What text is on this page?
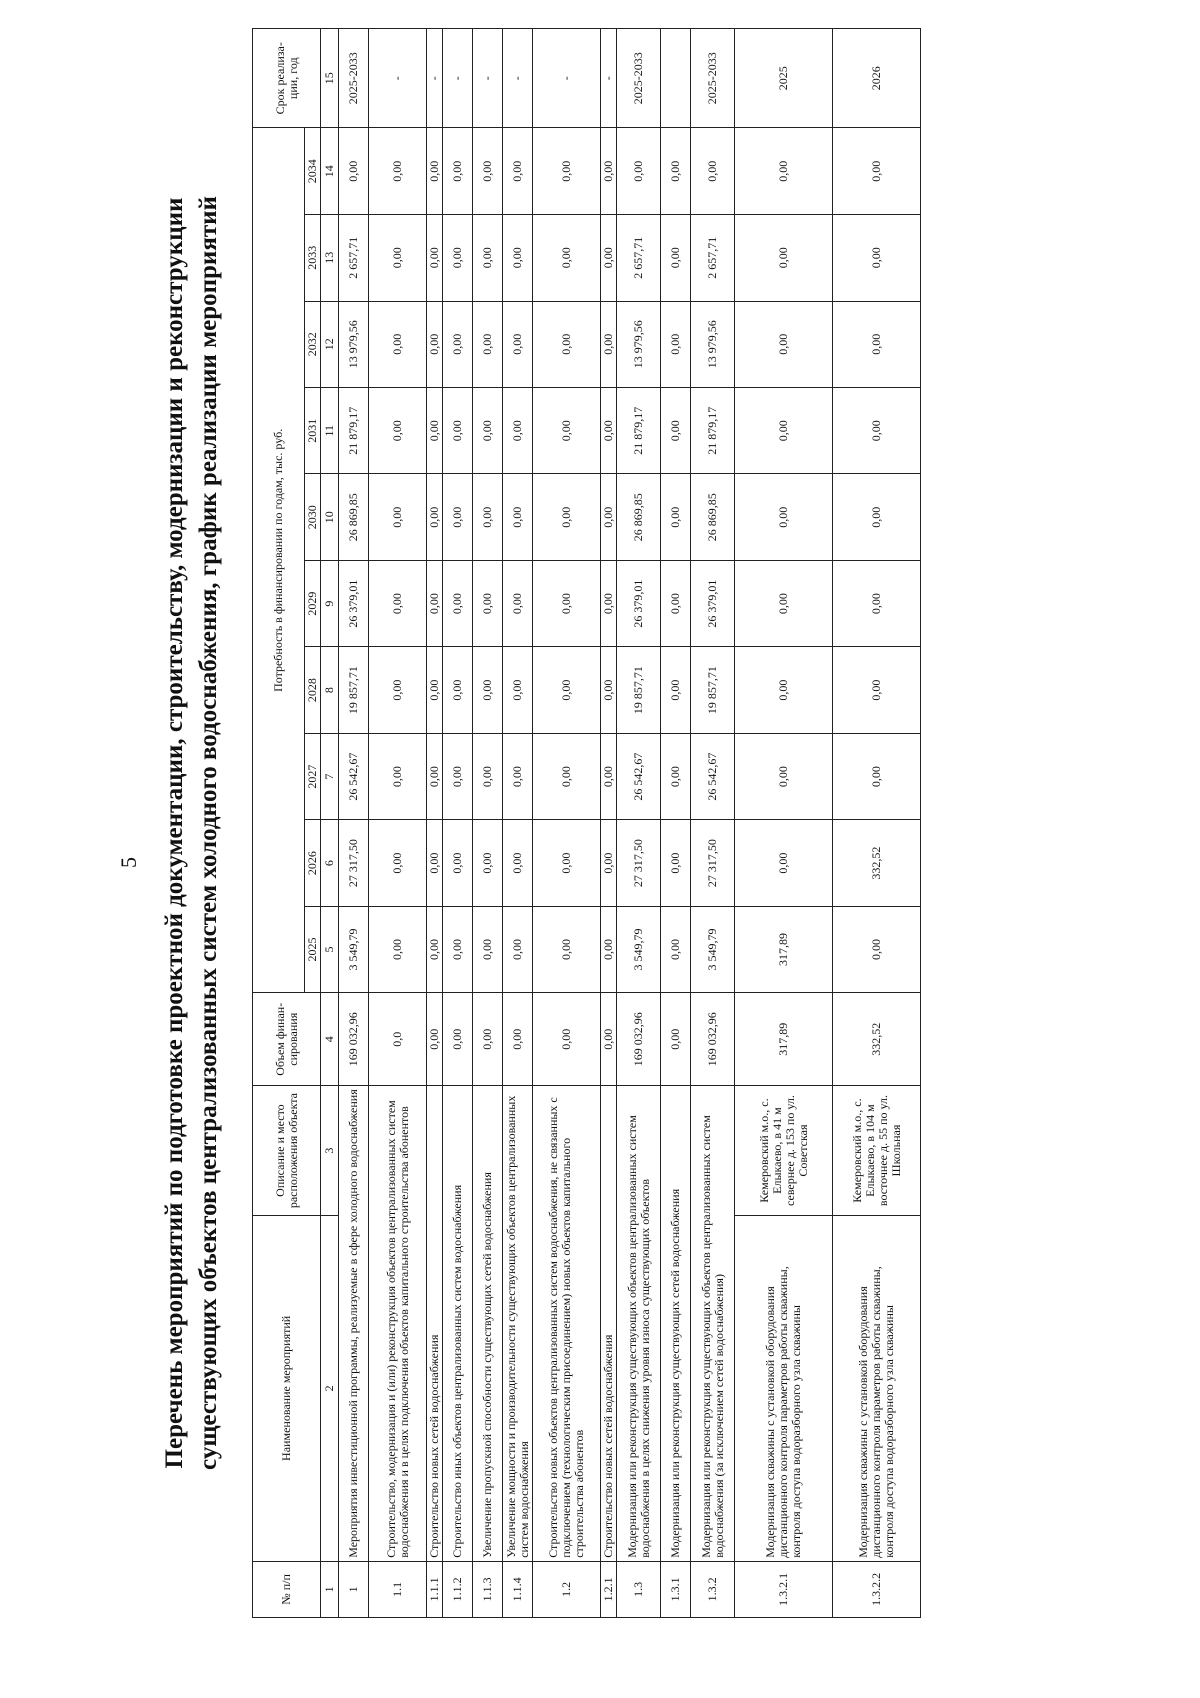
5 Перечень мероприятий по подготовке проектной документации, строительству, модернизации и реконструкции существующих объектов централизованных систем холодного водоснабжения, график реализации мероприятий
№ п/п	Наименование мероприятий	Описание и место расположения объекта	Объем финан-сирования	Потребность в финансировании по годам, тыс. руб.										Срок реализа-ции, год
				2025	2026	2027	2028	2029	2030	2031	2032	2033	2034	
1	2	3	4	5	6	7	8	9	10	11	12	13	14	15
1	Мероприятия инвестиционной программы, реализуемые в сфере холодного водоснабжения		169 032,96	3 549,79	27 317,50	26 542,67	19 857,71	26 379,01	26 869,85	21 879,17	13 979,56	2 657,71	0,00	2025-2033
1.1	Строительство, модернизация и (или) реконструкция объектов централизованных систем водоснабжения и в целях подключения объектов капитального строительства абонентов		0,0	0,00	0,00	0,00	0,00	0,00	0,00	0,00	0,00	0,00	0,00	-
1.1.1	Строительство новых сетей водоснабжения		0,00	0,00	0,00	0,00	0,00	0,00	0,00	0,00	0,00	0,00	0,00	-
1.1.2	Строительство иных объектов централизованных систем водоснабжения		0,00	0,00	0,00	0,00	0,00	0,00	0,00	0,00	0,00	0,00	0,00	-
1.1.3	Увеличение пропускной способности существующих сетей водоснабжения		0,00	0,00	0,00	0,00	0,00	0,00	0,00	0,00	0,00	0,00	0,00	-
1.1.4	Увеличение мощности и производительности существующих объектов централизованных систем водоснабжения		0,00	0,00	0,00	0,00	0,00	0,00	0,00	0,00	0,00	0,00	0,00	-
1.2	Строительство новых объектов централизованных систем водоснабжения, не связанных с подключением (технологическим присоединением) новых объектов капитального строительства абонентов		0,00	0,00	0,00	0,00	0,00	0,00	0,00	0,00	0,00	0,00	0,00	-
1.2.1	Строительство новых сетей водоснабжения		0,00	0,00	0,00	0,00	0,00	0,00	0,00	0,00	0,00	0,00	0,00	-
1.3	Модернизация или реконструкция существующих объектов централизованных систем водоснабжения в целях снижения уровня износа существующих объектов		169 032,96	3 549,79	27 317,50	26 542,67	19 857,71	26 379,01	26 869,85	21 879,17	13 979,56	2 657,71	0,00	2025-2033
1.3.1	Модернизация или реконструкция существующих сетей водоснабжения		0,00	0,00	0,00	0,00	0,00	0,00	0,00	0,00	0,00	0,00	0,00	
1.3.2	Модернизация или реконструкция существующих объектов централизованных систем водоснабжения (за исключением сетей водоснабжения)		169 032,96	3 549,79	27 317,50	26 542,67	19 857,71	26 379,01	26 869,85	21 879,17	13 979,56	2 657,71	0,00	2025-2033
1.3.2.1	Модернизация скважины с установкой оборудования дистанционного контроля параметров работы скважины, контроля доступа водоразборного узла скважины	Кемеровский м.о., с. Елыкаево, в 41 м севернее д. 153 по ул. Советская	317,89	317,89	0,00	0,00	0,00	0,00	0,00	0,00	0,00	0,00	0,00	2025
1.3.2.2	Модернизация скважины с установкой оборудования дистанционного контроля параметров работы скважины, контроля доступа водоразборного узла скважины	Кемеровский м.о., с. Елыкаево, в 104 м восточнее д. 55 по ул. Школьная	332,52	0,00	332,52	0,00	0,00	0,00	0,00	0,00	0,00	0,00	0,00	2026
